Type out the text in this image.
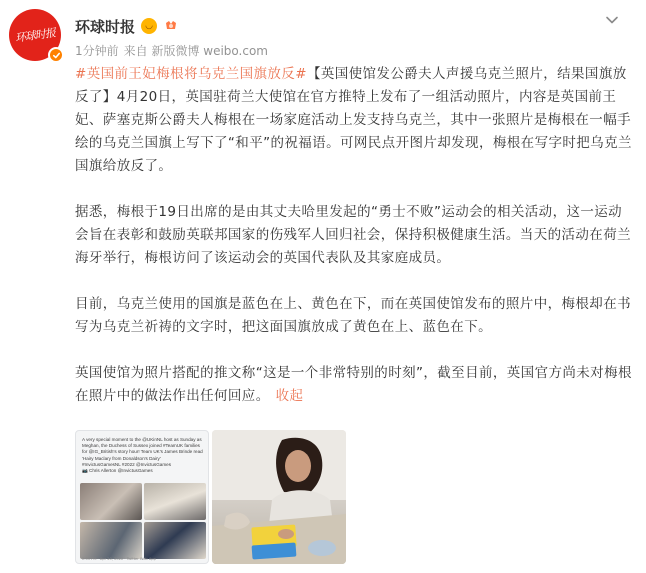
环球时报 环球时报	◡
1分钟前 来自 新版微博 weibo.com

#英国前王妃梅根将乌克兰国旗放反#【英国使馆发公爵夫人声援乌克兰照片，结果国旗放反了】4月20日，英国驻荷兰大使馆在官方推特上发布了一组活动照片，内容是英国前王妃、萨塞克斯公爵夫人梅根在一场家庭活动上发支持乌克兰，其中一张照片是梅根在一幅手绘的乌克兰国旗上写下了“和平”的祝福语。可网民点开图片却发现，梅根在写字时把乌克兰国旗给放反了。

据悉，梅根于19日出席的是由其丈夫哈里发起的“勇士不败”运动会的相关活动，这一运动会旨在表彰和鼓励英联邦国家的伤残军人回归社会，保持积极健康生活。当天的活动在荷兰海牙举行，梅根访问了该运动会的英国代表队及其家庭成员。

目前，乌克兰使用的国旗是蓝色在上、黄色在下，而在英国使馆发布的照片中，梅根却在书写为乌克兰祈祷的文字时，把这面国旗放成了黄色在上、蓝色在下。

英国使馆为照片搭配的推文称“这是一个非常特别的时刻”，截至目前，英国官方尚未对梅根在照片中的做法作出任何回应。 收起

A very special moment to the @UKinNL host as Sunday as Meghan, the Duchess of Sussex joined #TeamUK families for @IG_British's story hour! Team UK's James Brinde read 'Hairy Maclary from Donaldson's Dairy'
#InvictusGamesNL #2022 @InvictusGames
📷 Chris Allerton @InvictusGames
2:05 PM · Apr 20, 2022 · Twitter Web App
